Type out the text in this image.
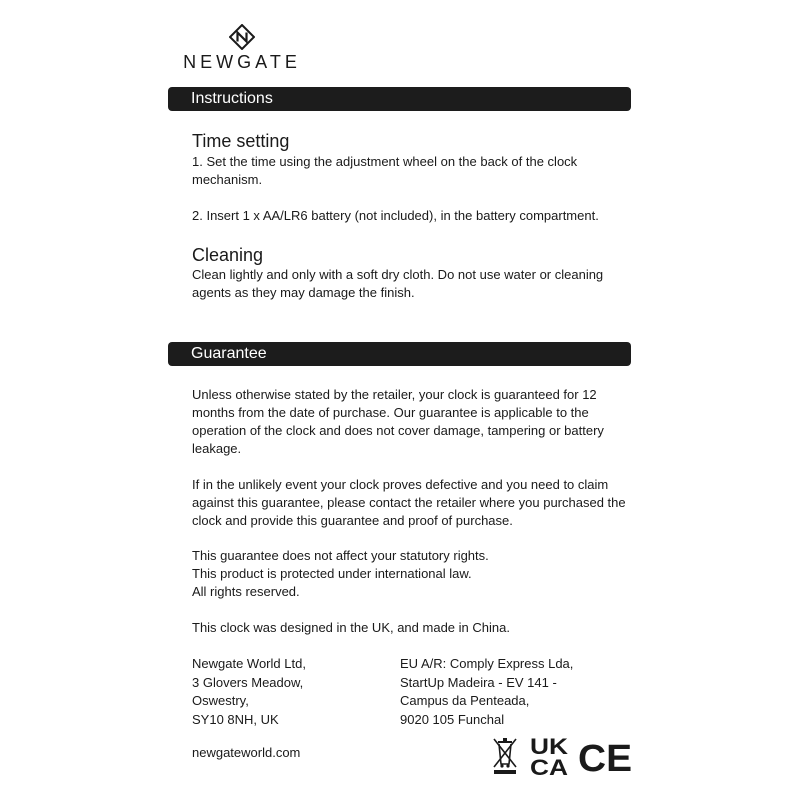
NEWGATE
Instructions
Time setting
1. Set the time using the adjustment wheel on the back of the clock
mechanism.
2. Insert 1 x AA/LR6 battery (not included), in the battery compartment.
Cleaning
Clean lightly and only with a soft dry cloth. Do not use water or cleaning
agents as they may damage the finish.
Guarantee
Unless otherwise stated by the retailer, your clock is guaranteed for 12
months from the date of purchase. Our guarantee is applicable to the
operation of the clock and does not cover damage, tampering or battery
leakage.
If in the unlikely event your clock proves defective and you need to claim
against this guarantee, please contact the retailer where you purchased the
clock and provide this guarantee and proof of purchase.
This guarantee does not affect your statutory rights.
This product is protected under international law.
All rights reserved.
This clock was designed in the UK, and made in China.
Newgate World Ltd,
3 Glovers Meadow,
Oswestry,
SY10 8NH, UK
EU A/R: Comply Express Lda,
StartUp Madeira - EV 141 -
Campus da Penteada,
9020 105 Funchal
newgateworld.com	UK
CA CE
